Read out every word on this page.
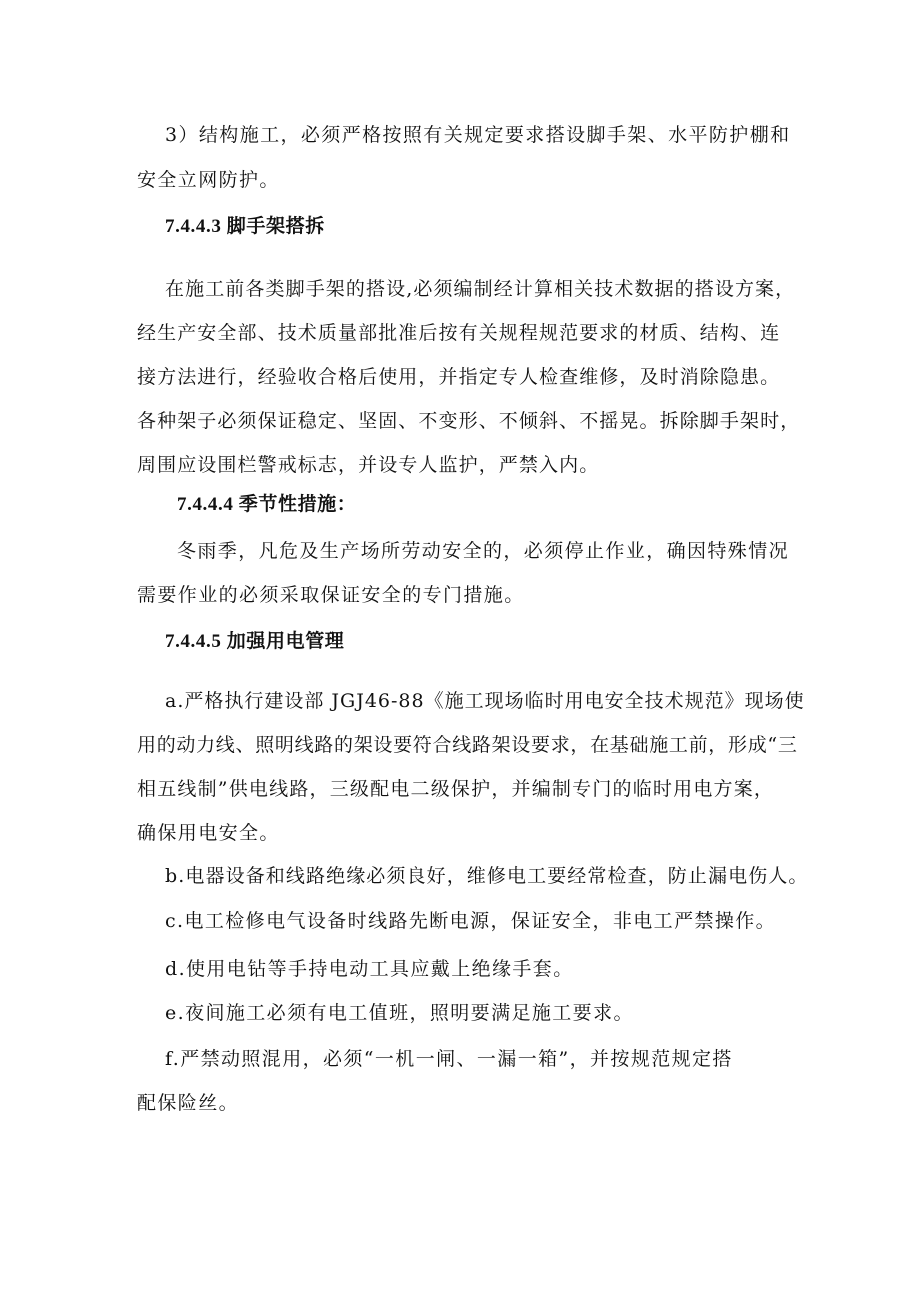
3）结构施工，必须严格按照有关规定要求搭设脚手架、水平防护棚和
安全立网防护。
7.4.4.3 脚手架搭拆
在施工前各类脚手架的搭设,必须编制经计算相关技术数据的搭设方案，
经生产安全部、技术质量部批准后按有关规程规范要求的材质、结构、连
接方法进行，经验收合格后使用，并指定专人检查维修，及时消除隐患。
各种架子必须保证稳定、坚固、不变形、不倾斜、不摇晃。拆除脚手架时，
周围应设围栏警戒标志，并设专人监护，严禁入内。
7.4.4.4 季节性措施：
冬雨季，凡危及生产场所劳动安全的，必须停止作业，确因特殊情况
需要作业的必须采取保证安全的专门措施。
7.4.4.5 加强用电管理
a.严格执行建设部 JGJ46-88《施工现场临时用电安全技术规范》现场使
用的动力线、照明线路的架设要符合线路架设要求，在基础施工前，形成“三
相五线制”供电线路，三级配电二级保护，并编制专门的临时用电方案，
确保用电安全。
b.电器设备和线路绝缘必须良好，维修电工要经常检查，防止漏电伤人。
c.电工检修电气设备时线路先断电源，保证安全，非电工严禁操作。
d.使用电钻等手持电动工具应戴上绝缘手套。
e.夜间施工必须有电工值班，照明要满足施工要求。
f.严禁动照混用，必须“一机一闸、一漏一箱”，并按规范规定搭
配保险丝。
